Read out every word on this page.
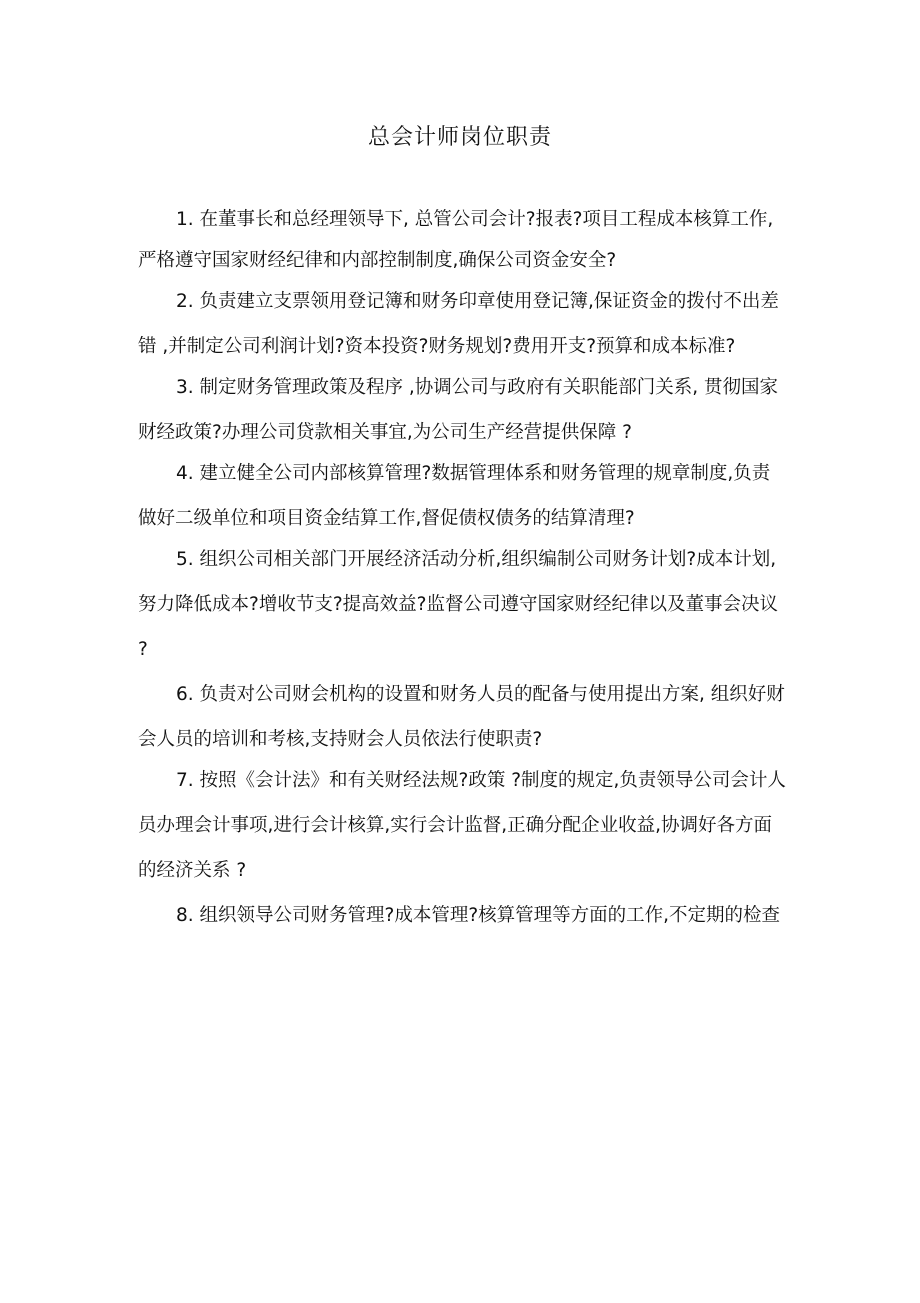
总会计师岗位职责

1. 在董事长和总经理领导下, 总管公司会计?报表?项目工程成本核算工作,

严格遵守国家财经纪律和内部控制制度,确保公司资金安全?

2. 负责建立支票领用登记簿和财务印章使用登记簿,保证资金的拨付不出差

错 ,并制定公司利润计划?资本投资?财务规划?费用开支?预算和成本标准?

3. 制定财务管理政策及程序 ,协调公司与政府有关职能部门关系, 贯彻国家

财经政策?办理公司贷款相关事宜,为公司生产经营提供保障 ?

4. 建立健全公司内部核算管理?数据管理体系和财务管理的规章制度,负责

做好二级单位和项目资金结算工作,督促债权债务的结算清理?

5. 组织公司相关部门开展经济活动分析,组织编制公司财务计划?成本计划,

努力降低成本?增收节支?提高效益?监督公司遵守国家财经纪律以及董事会决议

?

6. 负责对公司财会机构的设置和财务人员的配备与使用提出方案, 组织好财

会人员的培训和考核,支持财会人员依法行使职责?

7. 按照《会计法》和有关财经法规?政策 ?制度的规定,负责领导公司会计人

员办理会计事项,进行会计核算,实行会计监督,正确分配企业收益,协调好各方面

的经济关系 ?

8. 组织领导公司财务管理?成本管理?核算管理等方面的工作,不定期的检查
